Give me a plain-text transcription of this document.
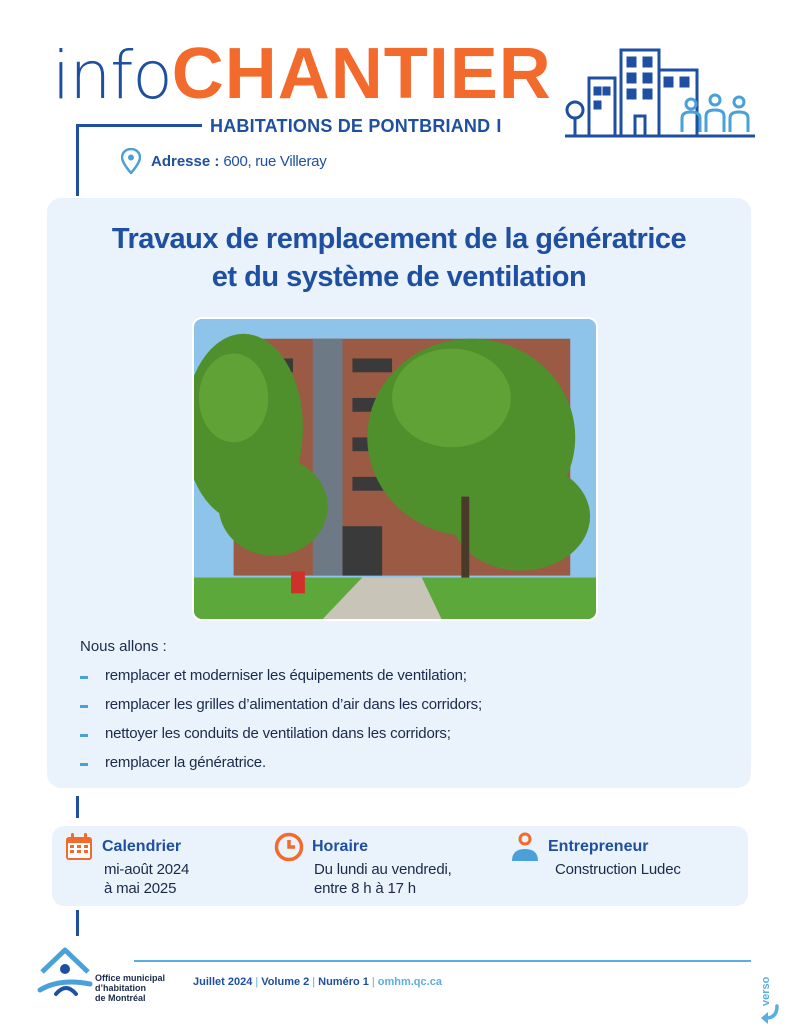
infoCHANTIER
HABITATIONS DE PONTBRIAND I
Adresse : 600, rue Villeray
Travaux de remplacement de la génératrice
et du système de ventilation
Nous allons :
remplacer et moderniser les équipements de ventilation;
remplacer les grilles d’alimentation d’air dans les corridors;
nettoyer les conduits de ventilation dans les corridors;
remplacer la génératrice.
Calendrier
mi-août 2024
à mai 2025
Horaire
Du lundi au vendredi,
entre 8 h à 17 h
Entrepreneur
Construction Ludec
Office municipal
d’habitation
de Montréal
Juillet 2024 | Volume 2 | Numéro 1 | omhm.qc.ca	verso
